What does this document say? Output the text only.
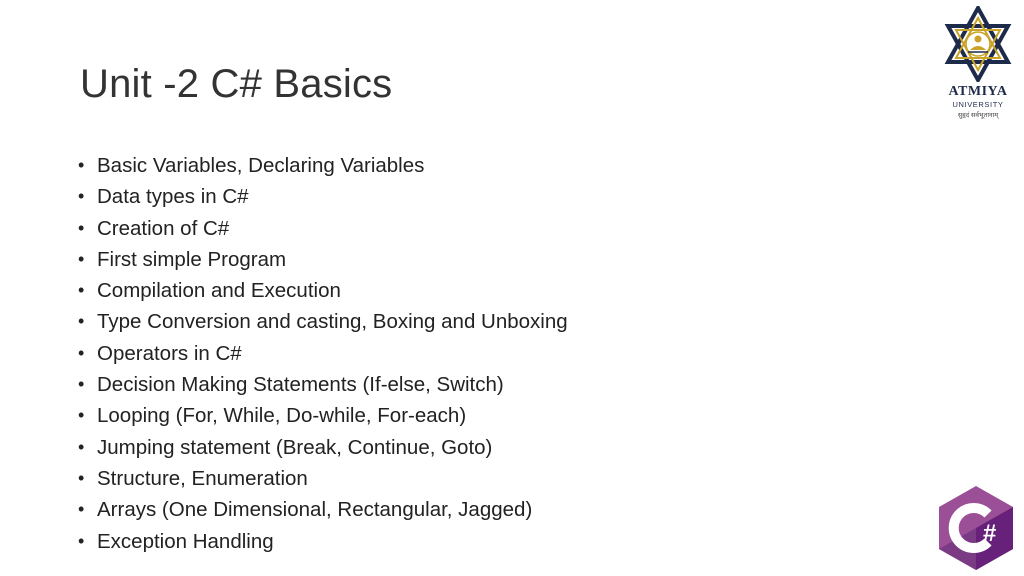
Unit -2 C# Basics
• Basic Variables, Declaring Variables
• Data types in C#
• Creation of C#
• First simple Program
• Compilation and Execution
• Type Conversion and casting, Boxing and Unboxing
• Operators in C#
• Decision Making Statements (If-else, Switch)
• Looping (For, While, Do-while, For-each)
• Jumping statement (Break, Continue, Goto)
• Structure, Enumeration
• Arrays (One Dimensional, Rectangular, Jagged)
• Exception Handling
ATMIYA
UNIVERSITY
सुहृदं सर्वभूतानाम्
#
